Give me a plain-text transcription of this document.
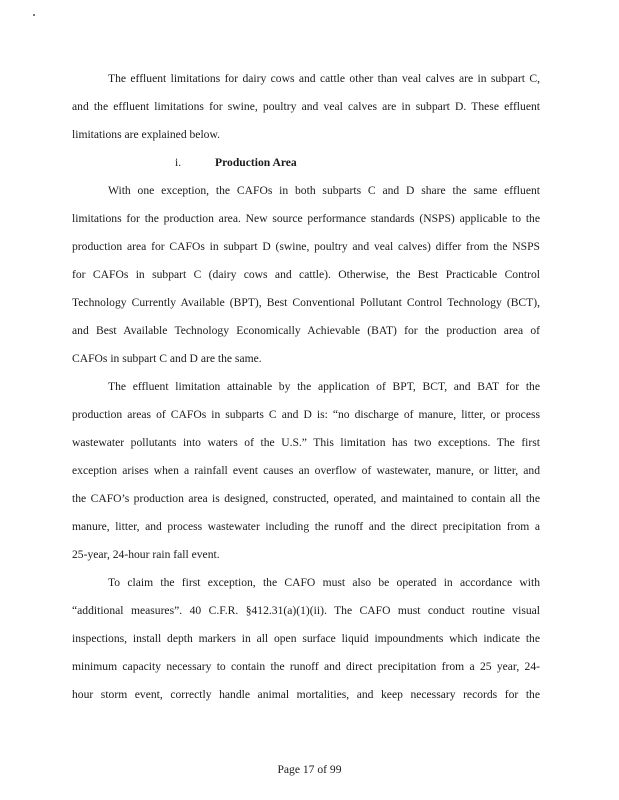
The effluent limitations for dairy cows and cattle other than veal calves are in subpart C,

and the effluent limitations for swine, poultry and veal calves are in subpart D. These effluent

limitations are explained below.

i.	Production Area

With one exception, the CAFOs in both subparts C and D share the same effluent

limitations for the production area. New source performance standards (NSPS) applicable to the

production area for CAFOs in subpart D (swine, poultry and veal calves) differ from the NSPS

for CAFOs in subpart C (dairy cows and cattle). Otherwise, the Best Practicable Control

Technology Currently Available (BPT), Best Conventional Pollutant Control Technology (BCT),

and Best Available Technology Economically Achievable (BAT) for the production area of

CAFOs in subpart C and D are the same.

The effluent limitation attainable by the application of BPT, BCT, and BAT for the

production areas of CAFOs in subparts C and D is: “no discharge of manure, litter, or process

wastewater pollutants into waters of the U.S.” This limitation has two exceptions. The first

exception arises when a rainfall event causes an overflow of wastewater, manure, or litter, and

the CAFO’s production area is designed, constructed, operated, and maintained to contain all the

manure, litter, and process wastewater including the runoff and the direct precipitation from a

25-year, 24-hour rain fall event.

To claim the first exception, the CAFO must also be operated in accordance with

“additional measures”. 40 C.F.R. §412.31(a)(1)(ii). The CAFO must conduct routine visual

inspections, install depth markers in all open surface liquid impoundments which indicate the

minimum capacity necessary to contain the runoff and direct precipitation from a 25 year, 24-

hour storm event, correctly handle animal mortalities, and keep necessary records for the

Page 17 of 99
